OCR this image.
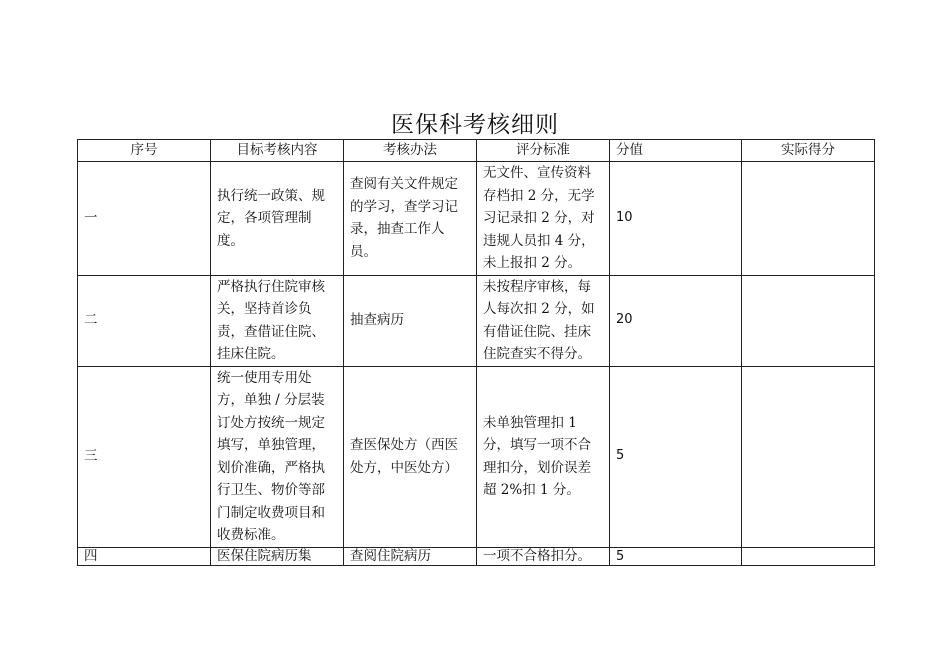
医保科考核细则
序号	目标考核内容	考核办法	评分标准	分值	实际得分
一	执行统一政策、规定，各项管理制度。	查阅有关文件规定的学习，查学习记录，抽查工作人员。	无文件、宣传资料存档扣 2 分，无学习记录扣 2 分，对违规人员扣 4 分，未上报扣 2 分。	10	
二	严格执行住院审核关，坚持首诊负责，查借证住院、挂床住院。	抽查病历	未按程序审核，每人每次扣 2 分，如有借证住院、挂床住院查实不得分。	20	
三	统一使用专用处方，单独 / 分层装订处方按统一规定填写，单独管理，划价准确，严格执行卫生、物价等部门制定收费项目和收费标准。	查医保处方（西医处方，中医处方）	未单独管理扣 1 分，填写一项不合理扣分，划价误差超 2%扣 1 分。	5	
四	医保住院病历集	查阅住院病历	一项不合格扣分。	5	
